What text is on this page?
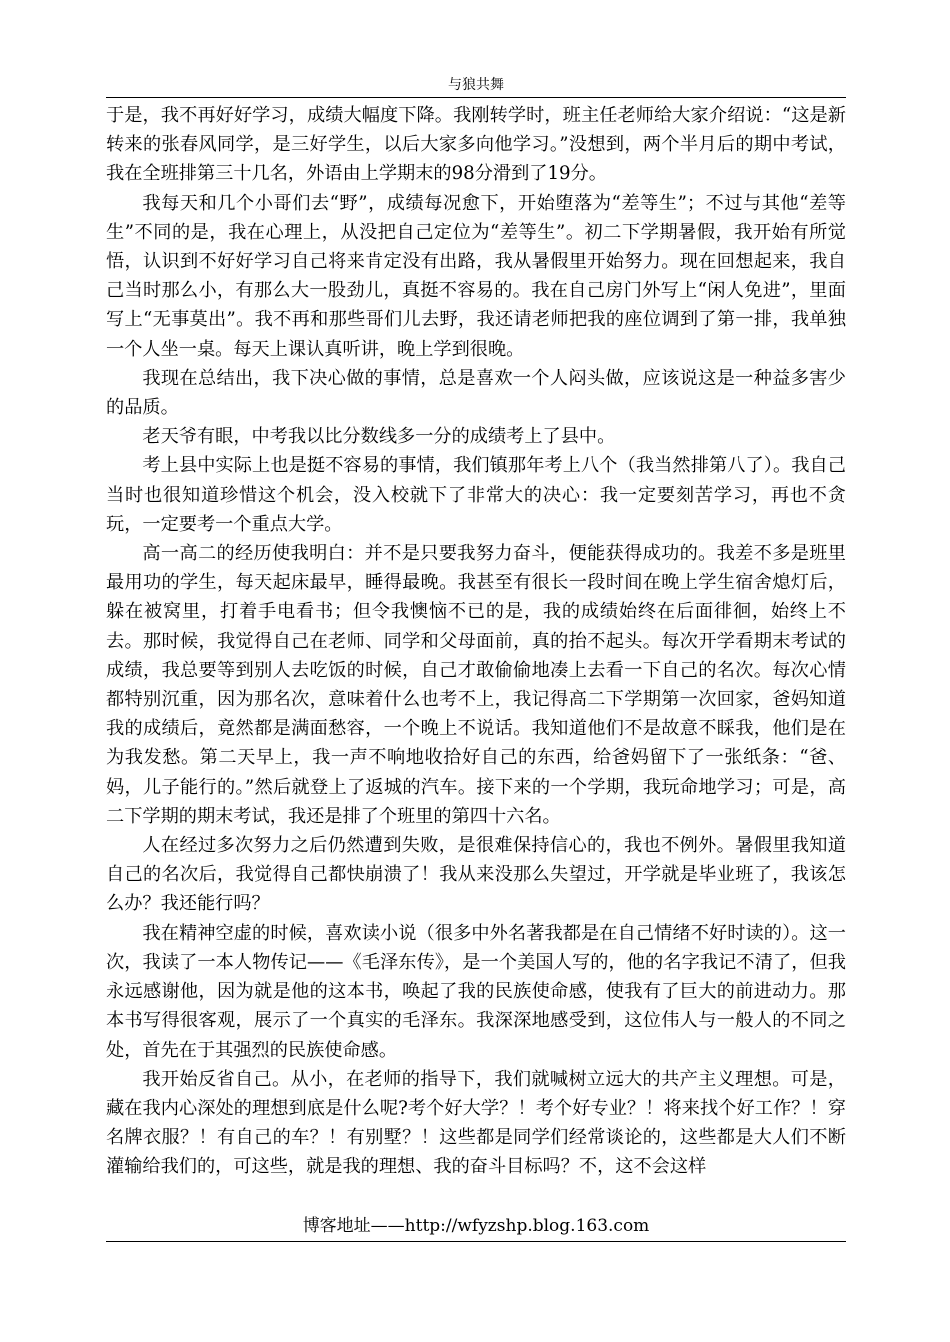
与狼共舞

于是，我不再好好学习，成绩大幅度下降。我刚转学时，班主任老师给大家介绍说：“这是新转来的张春风同学，是三好学生，以后大家多向他学习。”没想到，两个半月后的期中考试，我在全班排第三十几名，外语由上学期末的98分滑到了19分。

我每天和几个小哥们去“野”，成绩每况愈下，开始堕落为“差等生”；不过与其他“差等生”不同的是，我在心理上，从没把自己定位为“差等生”。初二下学期暑假，我开始有所觉悟，认识到不好好学习自己将来肯定没有出路，我从暑假里开始努力。现在回想起来，我自己当时那么小，有那么大一股劲儿，真挺不容易的。我在自己房门外写上“闲人免进”，里面写上“无事莫出”。我不再和那些哥们儿去野，我还请老师把我的座位调到了第一排，我单独一个人坐一桌。每天上课认真听讲，晚上学到很晚。

我现在总结出，我下决心做的事情，总是喜欢一个人闷头做，应该说这是一种益多害少的品质。

老天爷有眼，中考我以比分数线多一分的成绩考上了县中。

考上县中实际上也是挺不容易的事情，我们镇那年考上八个（我当然排第八了）。我自己当时也很知道珍惜这个机会，没入校就下了非常大的决心：我一定要刻苦学习，再也不贪玩，一定要考一个重点大学。

高一高二的经历使我明白：并不是只要我努力奋斗，便能获得成功的。我差不多是班里最用功的学生，每天起床最早，睡得最晚。我甚至有很长一段时间在晚上学生宿舍熄灯后，躲在被窝里，打着手电看书；但令我懊恼不已的是，我的成绩始终在后面徘徊，始终上不去。那时候，我觉得自己在老师、同学和父母面前，真的抬不起头。每次开学看期末考试的成绩，我总要等到别人去吃饭的时候，自己才敢偷偷地凑上去看一下自己的名次。每次心情都特别沉重，因为那名次，意味着什么也考不上，我记得高二下学期第一次回家，爸妈知道我的成绩后，竟然都是满面愁容，一个晚上不说话。我知道他们不是故意不睬我，他们是在为我发愁。第二天早上，我一声不响地收拾好自己的东西，给爸妈留下了一张纸条：“爸、妈，儿子能行的。”然后就登上了返城的汽车。接下来的一个学期，我玩命地学习；可是，高二下学期的期末考试，我还是排了个班里的第四十六名。

人在经过多次努力之后仍然遭到失败，是很难保持信心的，我也不例外。暑假里我知道自己的名次后，我觉得自己都快崩溃了！我从来没那么失望过，开学就是毕业班了，我该怎么办？我还能行吗？

我在精神空虚的时候，喜欢读小说（很多中外名著我都是在自己情绪不好时读的）。这一次，我读了一本人物传记——《毛泽东传》，是一个美国人写的，他的名字我记不清了，但我永远感谢他，因为就是他的这本书，唤起了我的民族使命感，使我有了巨大的前进动力。那本书写得很客观，展示了一个真实的毛泽东。我深深地感受到，这位伟人与一般人的不同之处，首先在于其强烈的民族使命感。

我开始反省自己。从小，在老师的指导下，我们就喊树立远大的共产主义理想。可是，藏在我内心深处的理想到底是什么呢?考个好大学？！考个好专业？！将来找个好工作？！穿名牌衣服？！有自己的车？！有别墅？！这些都是同学们经常谈论的，这些都是大人们不断灌输给我们的，可这些，就是我的理想、我的奋斗目标吗？不，这不会这样

博客地址——http://wfyzshp.blog.163.com
